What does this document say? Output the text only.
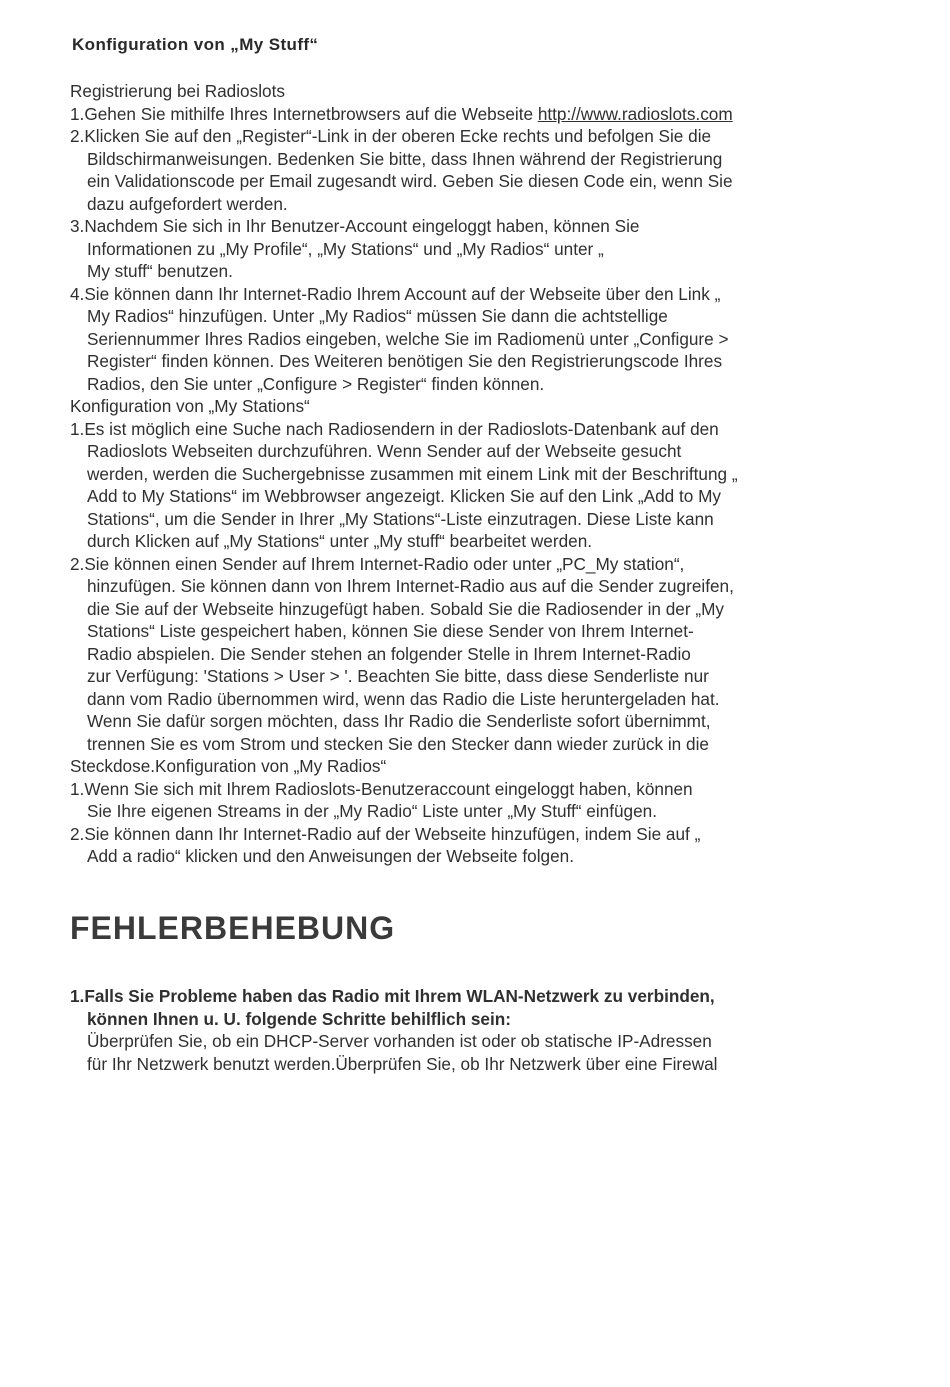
Konfiguration von „My Stuff“
Registrierung bei Radioslots
1.Gehen Sie mithilfe Ihres Internetbrowsers auf die Webseite http://www.radioslots.com
2.Klicken Sie auf den „Register“-Link in der oberen Ecke rechts und befolgen Sie die
Bildschirmanweisungen. Bedenken Sie bitte, dass Ihnen während der Registrierung
ein Validationscode per Email zugesandt wird. Geben Sie diesen Code ein, wenn Sie
dazu aufgefordert werden.
3.Nachdem Sie sich in Ihr Benutzer-Account eingeloggt haben, können Sie
Informationen zu „My Profile“, „My Stations“ und „My Radios“ unter „
My stuff“ benutzen.
4.Sie können dann Ihr Internet-Radio Ihrem Account auf der Webseite über den Link „
My Radios“ hinzufügen. Unter „My Radios“ müssen Sie dann die achtstellige
Seriennummer Ihres Radios eingeben, welche Sie im Radiomenü unter „Configure >
Register“ finden können. Des Weiteren benötigen Sie den Registrierungscode Ihres
Radios, den Sie unter „Configure > Register“ finden können.
Konfiguration von „My Stations“
1.Es ist möglich eine Suche nach Radiosendern in der Radioslots-Datenbank auf den
Radioslots Webseiten durchzuführen. Wenn Sender auf der Webseite gesucht
werden, werden die Suchergebnisse zusammen mit einem Link mit der Beschriftung „
Add to My Stations“ im Webbrowser angezeigt. Klicken Sie auf den Link „Add to My
Stations“, um die Sender in Ihrer „My Stations“-Liste einzutragen. Diese Liste kann
durch Klicken auf „My Stations“ unter „My stuff“ bearbeitet werden.
2.Sie können einen Sender auf Ihrem Internet-Radio oder unter „PC_My station“,
hinzufügen. Sie können dann von Ihrem Internet-Radio aus auf die Sender zugreifen,
die Sie auf der Webseite hinzugefügt haben. Sobald Sie die Radiosender in der „My
Stations“ Liste gespeichert haben, können Sie diese Sender von Ihrem Internet-
Radio abspielen. Die Sender stehen an folgender Stelle in Ihrem Internet-Radio
zur Verfügung: 'Stations > User > '. Beachten Sie bitte, dass diese Senderliste nur
dann vom Radio übernommen wird, wenn das Radio die Liste heruntergeladen hat.
Wenn Sie dafür sorgen möchten, dass Ihr Radio die Senderliste sofort übernimmt,
trennen Sie es vom Strom und stecken Sie den Stecker dann wieder zurück in die
Steckdose.Konfiguration von „My Radios“
1.Wenn Sie sich mit Ihrem Radioslots-Benutzeraccount eingeloggt haben, können
Sie Ihre eigenen Streams in der „My Radio“ Liste unter „My Stuff“ einfügen.
2.Sie können dann Ihr Internet-Radio auf der Webseite hinzufügen, indem Sie auf „
Add a radio“ klicken und den Anweisungen der Webseite folgen.
FEHLERBEHEBUNG
1.Falls Sie Probleme haben das Radio mit Ihrem WLAN-Netzwerk zu verbinden,
können Ihnen u. U. folgende Schritte behilflich sein:
Überprüfen Sie, ob ein DHCP-Server vorhanden ist oder ob statische IP-Adressen
für Ihr Netzwerk benutzt werden.Überprüfen Sie, ob Ihr Netzwerk über eine Firewal
